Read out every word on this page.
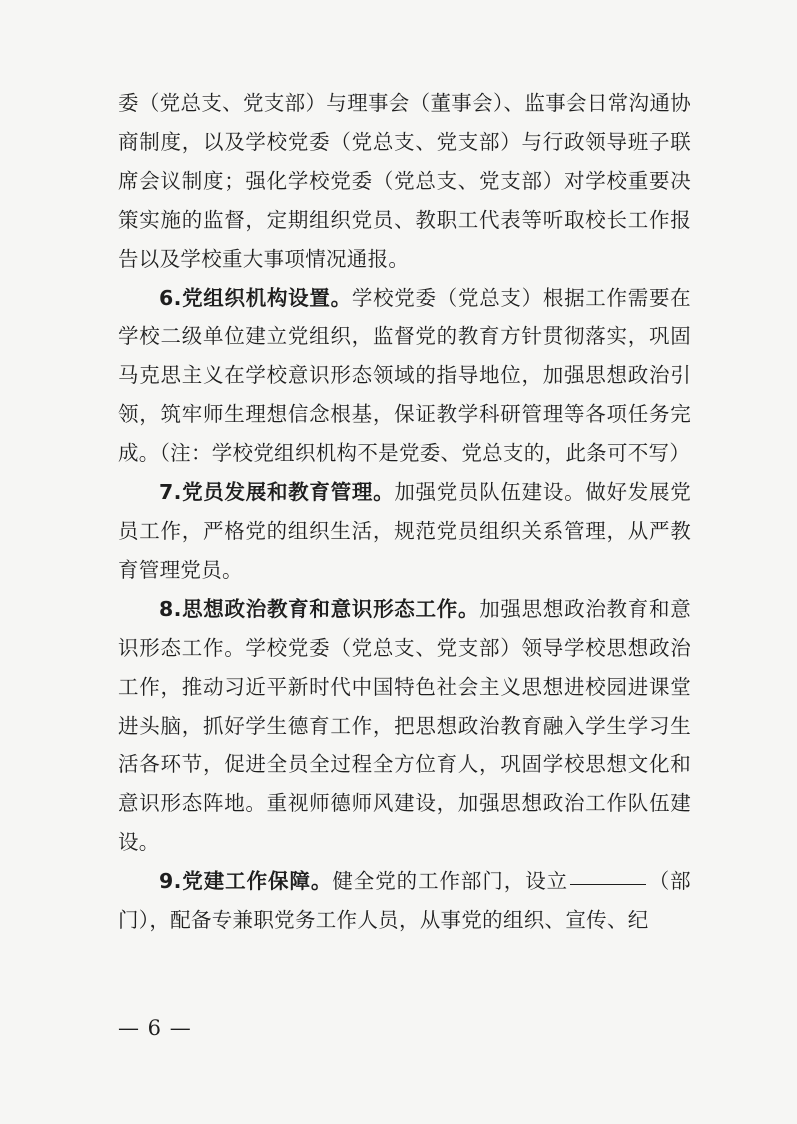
委（党总支、党支部）与理事会（董事会）、监事会日常沟通协商制度，以及学校党委（党总支、党支部）与行政领导班子联席会议制度；强化学校党委（党总支、党支部）对学校重要决策实施的监督，定期组织党员、教职工代表等听取校长工作报告以及学校重大事项情况通报。

6.党组织机构设置。学校党委（党总支）根据工作需要在学校二级单位建立党组织，监督党的教育方针贯彻落实，巩固马克思主义在学校意识形态领域的指导地位，加强思想政治引领，筑牢师生理想信念根基，保证教学科研管理等各项任务完成。（注：学校党组织机构不是党委、党总支的，此条可不写）

7.党员发展和教育管理。加强党员队伍建设。做好发展党员工作，严格党的组织生活，规范党员组织关系管理，从严教育管理党员。

8.思想政治教育和意识形态工作。加强思想政治教育和意识形态工作。学校党委（党总支、党支部）领导学校思想政治工作，推动习近平新时代中国特色社会主义思想进校园进课堂进头脑，抓好学生德育工作，把思想政治教育融入学生学习生活各环节，促进全员全过程全方位育人，巩固学校思想文化和意识形态阵地。重视师德师风建设，加强思想政治工作队伍建设。

9.党建工作保障。健全党的工作部门，设立	（部门），配备专兼职党务工作人员，从事党的组织、宣传、纪

— 6 —
